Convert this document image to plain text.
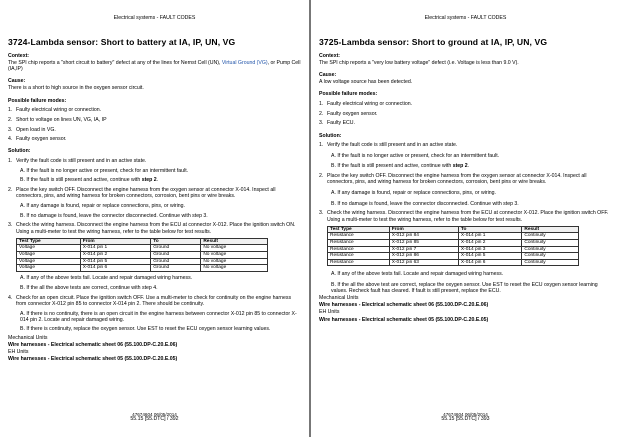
Electrical systems - FAULT CODES
3724-Lambda sensor: Short to battery at IA, IP, UN, VG
Context:
The SPI chip reports a "short circuit to battery" defect at any of the lines for Nernst Cell (UN), Virtual Ground (VG), or Pump Cell (IA,IP)
Cause:
There is a short to high source in the oxygen sensor circuit.
Possible failure modes:
1. Faulty electrical wiring or connection.
2. Short to voltage on lines UN, VG, IA, IP
3. Open load in VG.
4. Faulty oxygen sensor.
Solution:
1. Verify the fault code is still present and in an active state.
A. If the fault is no longer active or present, check for an intermittent fault.
B. If the fault is still present and active, continue with step 2.
2. Place the key switch OFF. Disconnect the engine harness from the oxygen sensor at connector X-014. Inspect all connectors, pins, and wiring harness for broken connectors, corrosion, bent pins or wire breaks.
A. If any damage is found, repair or replace connections, pins, or wiring.
B. If no damage is found, leave the connector disconnected. Continue with step 3.
3. Check the wiring harness. Disconnect the engine harness from the ECU at connector X-012. Place the ignition switch ON. Using a multi-meter to test the wiring harness, refer to the table below for test results.
Test Type	From	To	Result
Voltage	X-014 pin 1	Ground	No voltage
Voltage	X-014 pin 2	Ground	No voltage
Voltage	X-014 pin 5	Ground	No voltage
Voltage	X-014 pin 6	Ground	No voltage
A. If any of the above tests fail. Locate and repair damaged wiring harness.
B. If the all the above tests are correct, continue with step 4.
4. Check for an open circuit. Place the ignition switch OFF. Use a multi-meter to check for continuity on the engine harness from connector X-012 pin 85 to connector X-014 pin 2. There should be continuity.
A. If there is no continuity, there is an open circuit in the engine harness between connector X-012 pin 85 to connector X-014 pin 2. Locate and repair damaged wiring.
B. If there is continuity, replace the oxygen sensor. Use EST to reset the ECU oxygen sensor learning values.
Mechanical Units
Wire harnesses - Electrical schematic sheet 06 (55.100.DP-C.20.E.06)
EH Units
Wire harnesses - Electrical schematic sheet 05 (55.100.DP-C.20.E.05)
47674604 06/05/2014
55.15 [55.DTC] / 392
Electrical systems - FAULT CODES
3725-Lambda sensor: Short to ground at IA, IP, UN, VG
Context:
The SPI chip reports a "very low battery voltage" defect (i.e. Voltage is less than 9.0 V).
Cause:
A low voltage source has been detected.
Possible failure modes:
1. Faulty electrical wiring or connection.
2. Faulty oxygen sensor.
3. Faulty ECU.
Solution:
1. Verify the fault code is still present and in an active state.
A. If the fault is no longer active or present, check for an intermittent fault.
B. If the fault is still present and active, continue with step 2.
2. Place the key switch OFF. Disconnect the engine harness from the oxygen sensor at connector X-014. Inspect all connectors, pins, and wiring harness for broken connectors, corrosion, bent pins or wire breaks.
A. If any damage is found, repair or replace connections, pins, or wiring.
B. If no damage is found, leave the connector disconnected. Continue with step 3.
3. Check the wiring harness. Disconnect the engine harness from the ECU at connector X-012. Place the ignition switch OFF. Using a multi-meter to test the wiring harness, refer to the table below for test results.
Test Type	From	To	Result
Resistance	X-012 pin 84	X-014 pin 1	Continuity
Resistance	X-012 pin 85	X-014 pin 2	Continuity
Resistance	X-012 pin 7	X-014 pin 3	Continuity
Resistance	X-012 pin 86	X-014 pin 5	Continuity
Resistance	X-012 pin 63	X-014 pin 6	Continuity
A. If any of the above tests fail. Locate and repair damaged wiring harness.
B. If the all the above test are correct, replace the oxygen sensor. Use EST to reset the ECU oxygen sensor learning values. Recheck fault has cleared. If fault is still present, replace the ECU.
Mechanical Units
Wire harnesses - Electrical schematic sheet 06 (55.100.DP-C.20.E.06)
EH Units
Wire harnesses - Electrical schematic sheet 05 (55.100.DP-C.20.E.05)
47674604 06/05/2014
55.15 [55.DTC] / 393
